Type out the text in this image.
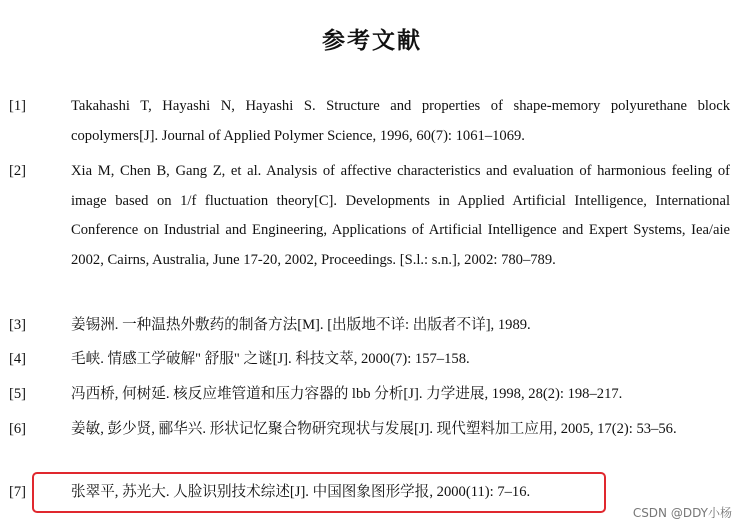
参考文献
[1]	Takahashi T, Hayashi N, Hayashi S. Structure and properties of shape-memory polyurethane block copolymers[J]. Journal of Applied Polymer Science, 1996, 60(7): 1061–1069.
[2]	Xia M, Chen B, Gang Z, et al. Analysis of affective characteristics and evaluation of harmonious feeling of image based on 1/f fluctuation theory[C]. Developments in Applied Artificial Intelligence, International Conference on Industrial and Engineering, Applications of Artificial Intelligence and Expert Systems, Iea/aie 2002, Cairns, Australia, June 17-20, 2002, Proceedings. [S.l.: s.n.], 2002: 780–789.
[3]	姜锡洲. 一种温热外敷药的制备方法[M]. [出版地不详: 出版者不详], 1989.
[4]	毛峡. 情感工学破解" 舒服" 之谜[J]. 科技文萃, 2000(7): 157–158.
[5]	冯西桥, 何树延. 核反应堆管道和压力容器的 lbb 分析[J]. 力学进展, 1998, 28(2): 198–217.
[6]	姜敏, 彭少贤, 郦华兴. 形状记忆聚合物研究现状与发展[J]. 现代塑料加工应用, 2005, 17(2): 53–56.
[7]	张翠平, 苏光大. 人脸识别技术综述[J]. 中国图象图形学报, 2000(11): 7–16.
CSDN @DDY小杨
